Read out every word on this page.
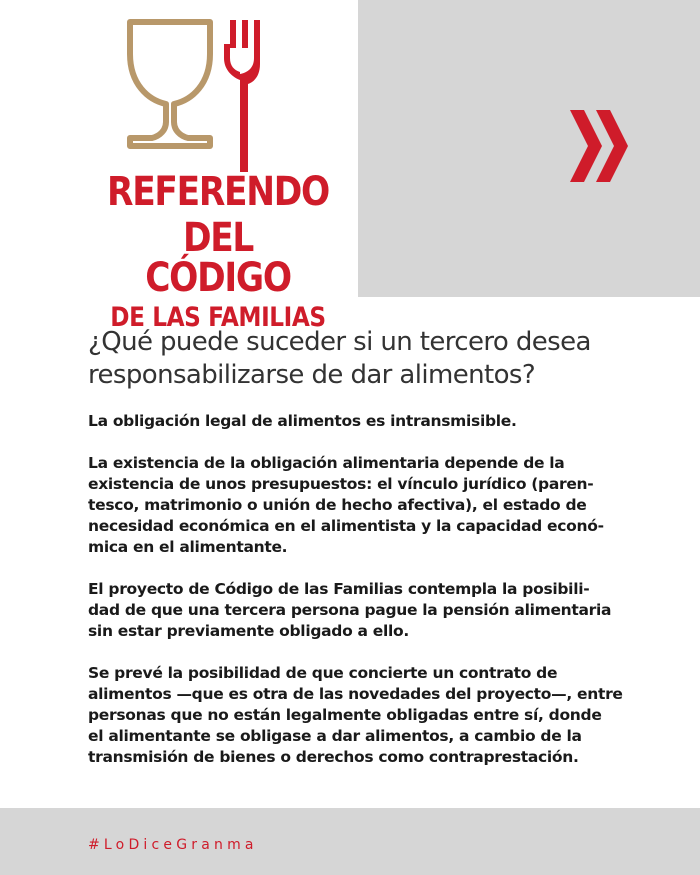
REFERENDO
DEL CÓDIGO
DE LAS FAMILIAS
¿Qué puede suceder si un tercero desea
responsabilizarse de dar alimentos?

La obligación legal de alimentos es intransmisible.

La existencia de la obligación alimentaria depende de la
existencia de unos presupuestos: el vínculo jurídico (paren-
tesco, matrimonio o unión de hecho afectiva), el estado de
necesidad económica en el alimentista y la capacidad econó-
mica en el alimentante.

El proyecto de Código de las Familias contempla la posibili-
dad de que una tercera persona pague la pensión alimentaria
sin estar previamente obligado a ello.

Se prevé la posibilidad de que concierte un contrato de
alimentos —que es otra de las novedades del proyecto—, entre
personas que no están legalmente obligadas entre sí, donde
el alimentante se obligase a dar alimentos, a cambio de la
transmisión de bienes o derechos como contraprestación.

#LoDiceGranma
